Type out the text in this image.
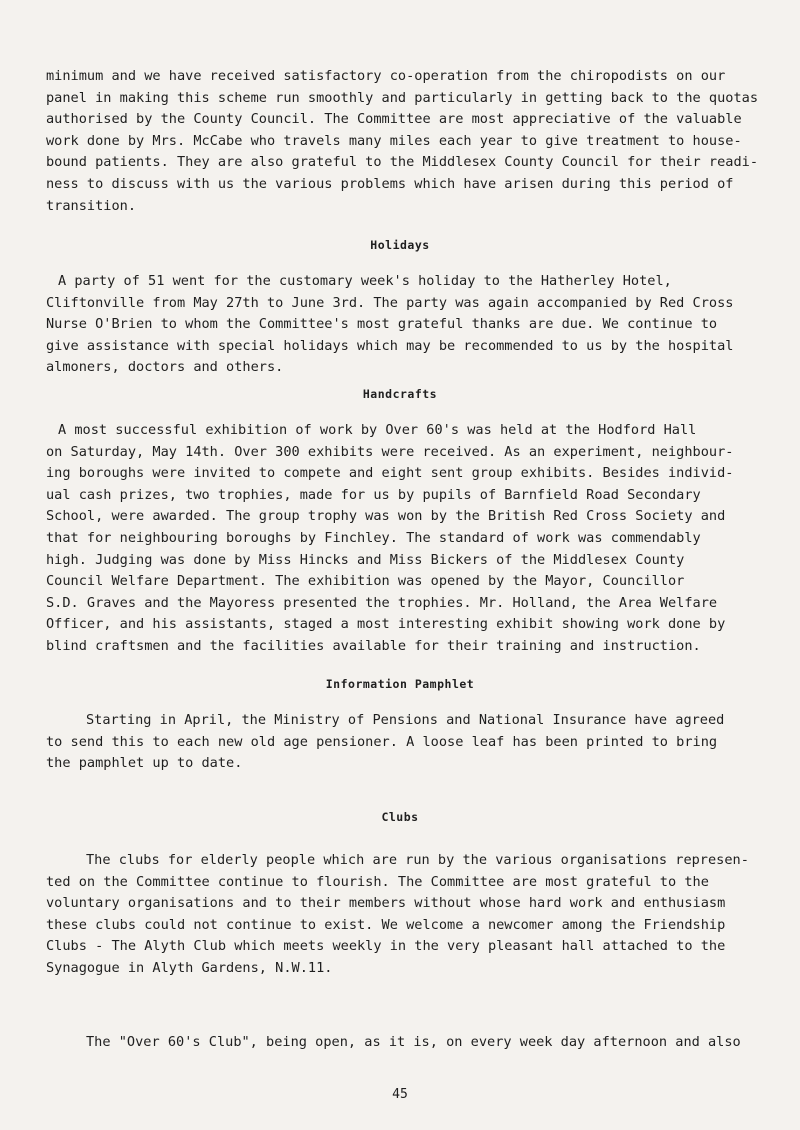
minimum and we have received satisfactory co-operation from the chiropodists on our
panel in making this scheme run smoothly and particularly in getting back to the quotas
authorised by the County Council. The Committee are most appreciative of the valuable
work done by Mrs. McCabe who travels many miles each year to give treatment to house-
bound patients. They are also grateful to the Middlesex County Council for their readi-
ness to discuss with us the various problems which have arisen during this period of
transition.

Holidays

A party of 51 went for the customary week's holiday to the Hatherley Hotel,
Cliftonville from May 27th to June 3rd. The party was again accompanied by Red Cross
Nurse O'Brien to whom the Committee's most grateful thanks are due. We continue to
give assistance with special holidays which may be recommended to us by the hospital
almoners, doctors and others.

Handcrafts

A most successful exhibition of work by Over 60's was held at the Hodford Hall
on Saturday, May 14th. Over 300 exhibits were received. As an experiment, neighbour-
ing boroughs were invited to compete and eight sent group exhibits. Besides individ-
ual cash prizes, two trophies, made for us by pupils of Barnfield Road Secondary
School, were awarded. The group trophy was won by the British Red Cross Society and
that for neighbouring boroughs by Finchley. The standard of work was commendably
high. Judging was done by Miss Hincks and Miss Bickers of the Middlesex County
Council Welfare Department. The exhibition was opened by the Mayor, Councillor
S.D. Graves and the Mayoress presented the trophies. Mr. Holland, the Area Welfare
Officer, and his assistants, staged a most interesting exhibit showing work done by
blind craftsmen and the facilities available for their training and instruction.

Information Pamphlet

Starting in April, the Ministry of Pensions and National Insurance have agreed
to send this to each new old age pensioner. A loose leaf has been printed to bring
the pamphlet up to date.

Clubs

The clubs for elderly people which are run by the various organisations represen-
ted on the Committee continue to flourish. The Committee are most grateful to the
voluntary organisations and to their members without whose hard work and enthusiasm
these clubs could not continue to exist. We welcome a newcomer among the Friendship
Clubs - The Alyth Club which meets weekly in the very pleasant hall attached to the
Synagogue in Alyth Gardens, N.W.11.

The "Over 60's Club", being open, as it is, on every week day afternoon and also

45
